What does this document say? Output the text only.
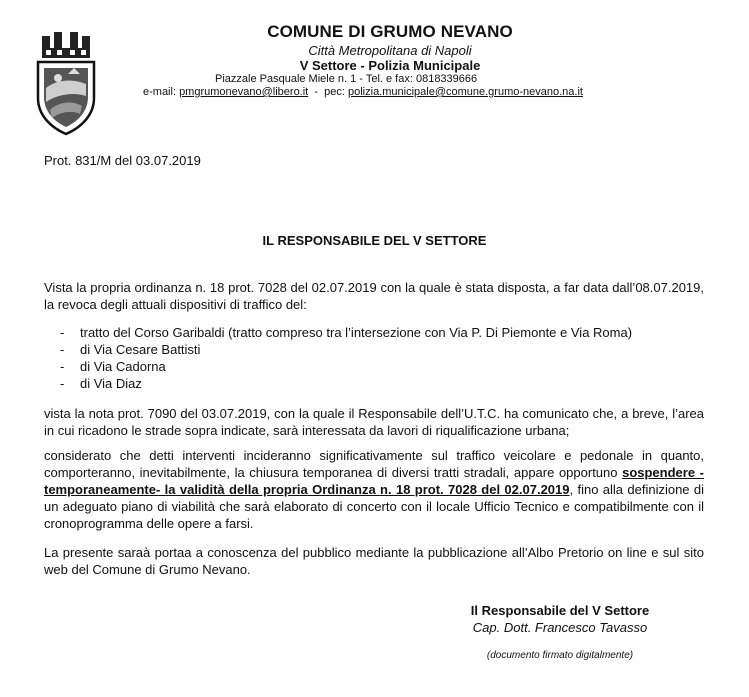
COMUNE DI GRUMO NEVANO
Città Metropolitana di Napoli
V Settore - Polizia Municipale
Piazzale Pasquale Miele n. 1 - Tel. e fax: 0818339666
e-mail: pmgrumonevano@libero.it  -  pec: polizia.municipale@comune.grumo-nevano.na.it
Prot. 831/M del 03.07.2019
IL RESPONSABILE DEL V SETTORE
Vista la propria ordinanza n. 18 prot. 7028 del 02.07.2019 con la quale è stata disposta, a far data dall’08.07.2019, la revoca degli attuali dispositivi di traffico del:
- tratto del Corso Garibaldi (tratto compreso tra l’intersezione con Via P. Di Piemonte e Via Roma)
- di Via Cesare Battisti
- di Via Cadorna
- di Via Diaz
vista la nota prot. 7090 del 03.07.2019, con la quale il Responsabile dell’U.T.C. ha comunicato che, a breve, l’area in cui ricadono le strade sopra indicate, sarà interessata da lavori di riqualificazione urbana;
considerato che detti interventi incideranno significativamente sul traffico veicolare e pedonale in quanto, comporteranno, inevitabilmente, la chiusura temporanea di diversi tratti stradali, appare opportuno sospendere -temporaneamente- la validità della propria Ordinanza n. 18 prot. 7028 del 02.07.2019, fino alla definizione di un adeguato piano di viabilità che sarà elaborato di concerto con il locale Ufficio Tecnico e compatibilmente con il cronoprogramma delle opere a farsi.
La presente saraà portaa a conoscenza del pubblico mediante la pubblicazione all’Albo Pretorio on line e sul sito web del Comune di Grumo Nevano.
Il Responsabile del V Settore
Cap. Dott. Francesco Tavasso
(documento firmato digitalmente)
